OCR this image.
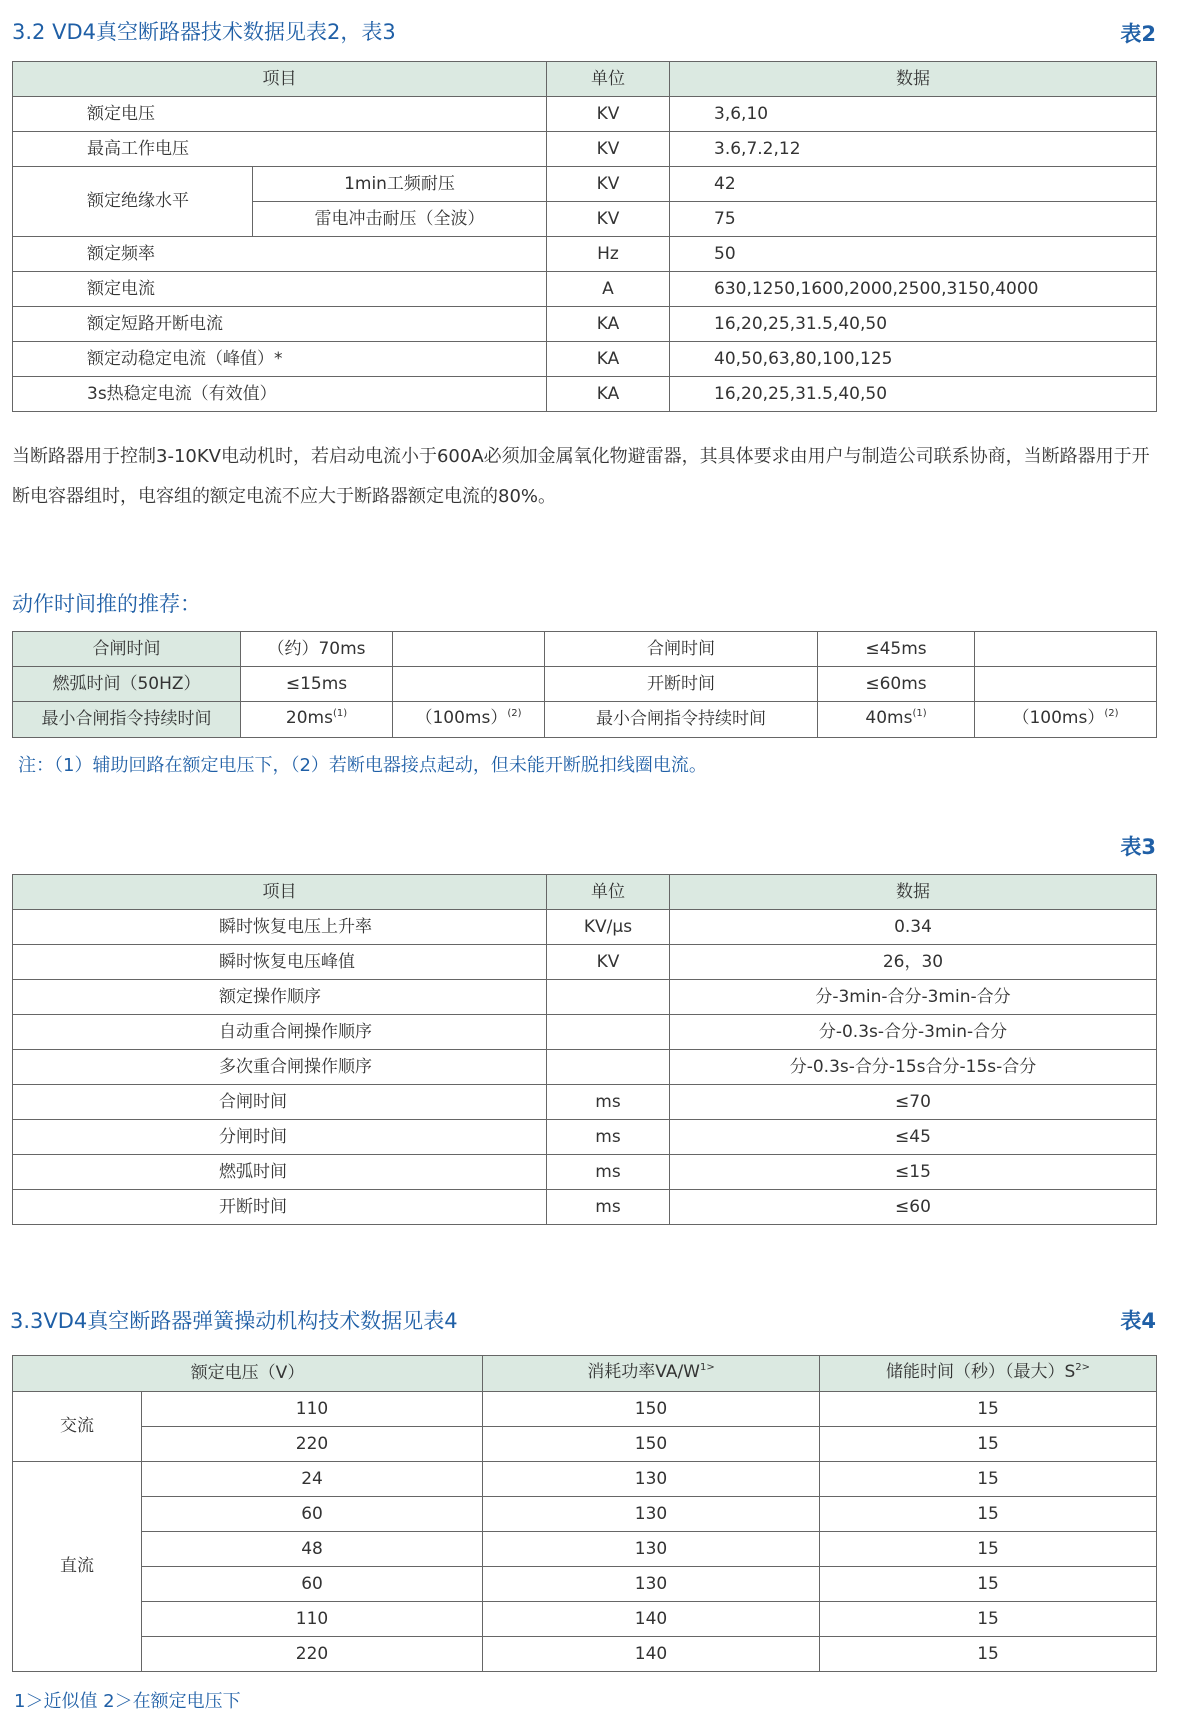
3.2 VD4真空断路器技术数据见表2，表3	表2
项目		单位	数据
额定电压		KV	3,6,10
最高工作电压		KV	3.6,7.2,12
额定绝缘水平	1min工频耐压	KV	42
	雷电冲击耐压（全波）	KV	75
额定频率		Hz	50
额定电流		A	630,1250,1600,2000,2500,3150,4000
额定短路开断电流		KA	16,20,25,31.5,40,50
额定动稳定电流（峰值）*		KA	40,50,63,80,100,125
3s热稳定电流（有效值）		KA	16,20,25,31.5,40,50
当断路器用于控制3-10KV电动机时，若启动电流小于600A必须加金属氧化物避雷器，其具体要求由用户与制造公司联系协商，当断路器用于开断电容器组时，电容组的额定电流不应大于断路器额定电流的80%。
动作时间推的推荐：
合闸时间	（约）70ms		合闸时间	≤45ms	
燃弧时间（50HZ）	≤15ms		开断时间	≤60ms	
最小合闸指令持续时间	$20ms^{(1)}$	$(100ms)^{(2)}$	最小合闸指令持续时间	$40ms^{(1)}$	$(100ms)^{(2)}$
注：（1）辅助回路在额定电压下，（2）若断电器接点起动，但未能开断脱扣线圈电流。
表3
项目	单位	数据
瞬时恢复电压上升率	KV/μs	0.34
瞬时恢复电压峰值	KV	26，30
额定操作顺序		分-3min-合分-3min-合分
自动重合闸操作顺序		分-0.3s-合分-3min-合分
多次重合闸操作顺序		分-0.3s-合分-15s合分-15s-合分
合闸时间	ms	≤70
分闸时间	ms	≤45
燃弧时间	ms	≤15
开断时间	ms	≤60
3.3VD4真空断路器弹簧操动机构技术数据见表4	表4
额定电压（V）		消耗功率$VA/W^{1>}$	储能时间（秒）（最大）$S^{2>}$
交流	110	150	15
	220	150	15
直流	24	130	15
	60	130	15
	48	130	15
	60	130	15
	110	140	15
	220	140	15
1＞近似值 2＞在额定电压下
